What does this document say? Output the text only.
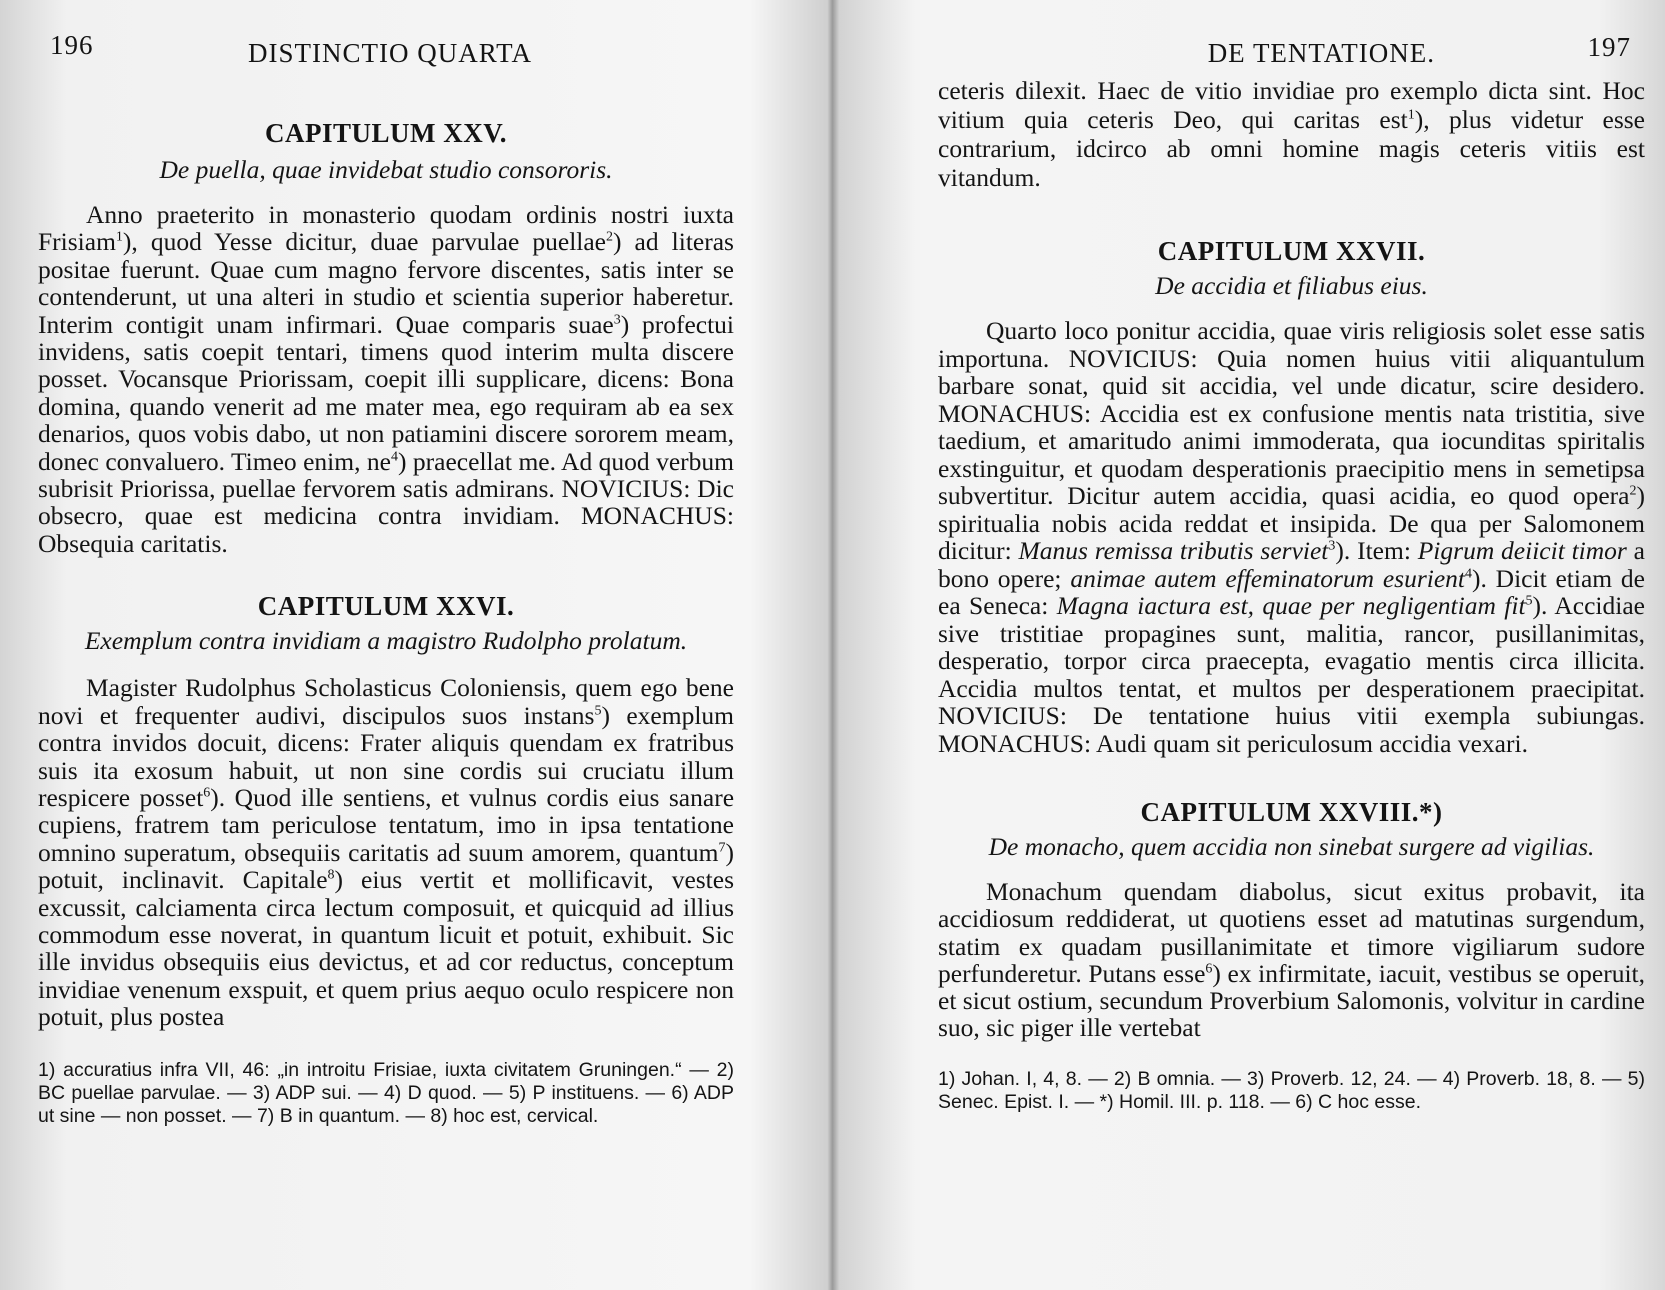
196	DISTINCTIO QUARTA
CAPITULUM XXV.

De puella, quae invidebat studio consororis.

Anno praeterito in monasterio quodam ordinis nostri iuxta Frisiam$^1$), quod Yesse dicitur, duae parvulae puellae$^2$) ad literas positae fuerunt. Quae cum magno fervore discentes, satis inter se contenderunt, ut una alteri in studio et scientia superior haberetur. Interim contigit unam infirmari. Quae comparis suae$^3$) profectui invidens, satis coepit tentari, timens quod interim multa discere posset. Vocansque Priorissam, coepit illi supplicare, dicens: Bona domina, quando venerit ad me mater mea, ego requiram ab ea sex denarios, quos vobis dabo, ut non patiamini discere sororem meam, donec convaluero. Timeo enim, $ne^4$) praecellat me. Ad quod verbum subrisit Priorissa, puellae fervorem satis admirans. NOVICIUS: Dic obsecro, quae est medicina contra invidiam. MONACHUS: Obsequia caritatis.

CAPITULUM XXVI.

Exemplum contra invidiam a magistro Rudolpho prolatum.

Magister Rudolphus Scholasticus Coloniensis, quem ego bene novi et frequenter audivi, discipulos suos instans$^5$) exemplum contra invidos docuit, dicens: Frater aliquis quendam ex fratribus suis ita exosum habuit, ut non sine cordis sui cruciatu illum respicere posset$^6$). Quod ille sentiens, et vulnus cordis eius sanare cupiens, fratrem tam periculose tentatum, imo in ipsa tentatione omnino superatum, obsequiis caritatis ad suum amorem, quantum$^7$) potuit, inclinavit. Capitale$^8$) eius vertit et mollificavit, vestes excussit, calciamenta circa lectum composuit, et quicquid ad illius commodum esse noverat, in quantum licuit et potuit, exhibuit. Sic ille invidus obsequiis eius devictus, et ad cor reductus, conceptum invidiae venenum exspuit, et quem prius aequo oculo respicere non potuit, plus postea

1) accuratius infra VII, 46: „in introitu Frisiae, iuxta civitatem Gruningen.“ — 2) BC puellae parvulae. — 3) ADP sui. — 4) D quod. — 5) P instituens. — 6) ADP ut sine — non posset. — 7) B in quantum. — 8) hoc est, cervical.

DE TENTATIONE.	197

ceteris dilexit. Haec de vitio invidiae pro exemplo dicta sint. Hoc vitium quia ceteris Deo, qui caritas est$^1$), plus videtur esse contrarium, idcirco ab omni homine magis ceteris vitiis est vitandum.

CAPITULUM XXVII.

De accidia et filiabus eius.

Quarto loco ponitur accidia, quae viris religiosis solet esse satis importuna. NOVICIUS: Quia nomen huius vitii aliquantulum barbare sonat, quid sit accidia, vel unde dicatur, scire desidero. MONACHUS: Accidia est ex confusione mentis nata tristitia, sive taedium, et amaritudo animi immoderata, qua iocunditas spiritalis exstinguitur, et quodam desperationis praecipitio mens in semetipsa subvertitur. Dicitur autem accidia, quasi acidia, eo quod opera$^2$) spiritualia nobis acida reddat et insipida. De qua per Salomonem dicitur: Manus remissa tributis serviet$^3$). Item: Pigrum deiicit timor a bono opere; animae autem effeminatorum esurient$^4$). Dicit etiam de ea Seneca: Magna iactura est, quae per negligentiam fit$^5$). Accidiae sive tristitiae propagines sunt, malitia, rancor, pusillanimitas, desperatio, torpor circa praecepta, evagatio mentis circa illicita. Accidia multos tentat, et multos per desperationem praecipitat. NOVICIUS: De tentatione huius vitii exempla subiungas. MONACHUS: Audi quam sit periculosum accidia vexari.

CAPITULUM XXVIII.*)

De monacho, quem accidia non sinebat surgere ad vigilias.

Monachum quendam diabolus, sicut exitus probavit, ita accidiosum reddiderat, ut quotiens esset ad matutinas surgendum, statim ex quadam pusillanimitate et timore vigiliarum sudore perfunderetur. Putans esse$^6$) ex infirmitate, iacuit, vestibus se operuit, et sicut ostium, secundum Proverbium Salomonis, volvitur in cardine suo, sic piger ille vertebat

1) Johan. I, 4, 8. — 2) B omnia. — 3) Proverb. 12, 24. — 4) Proverb. 18, 8. — 5) Senec. Epist. I. — *) Homil. III. p. 118. — 6) C hoc esse.
